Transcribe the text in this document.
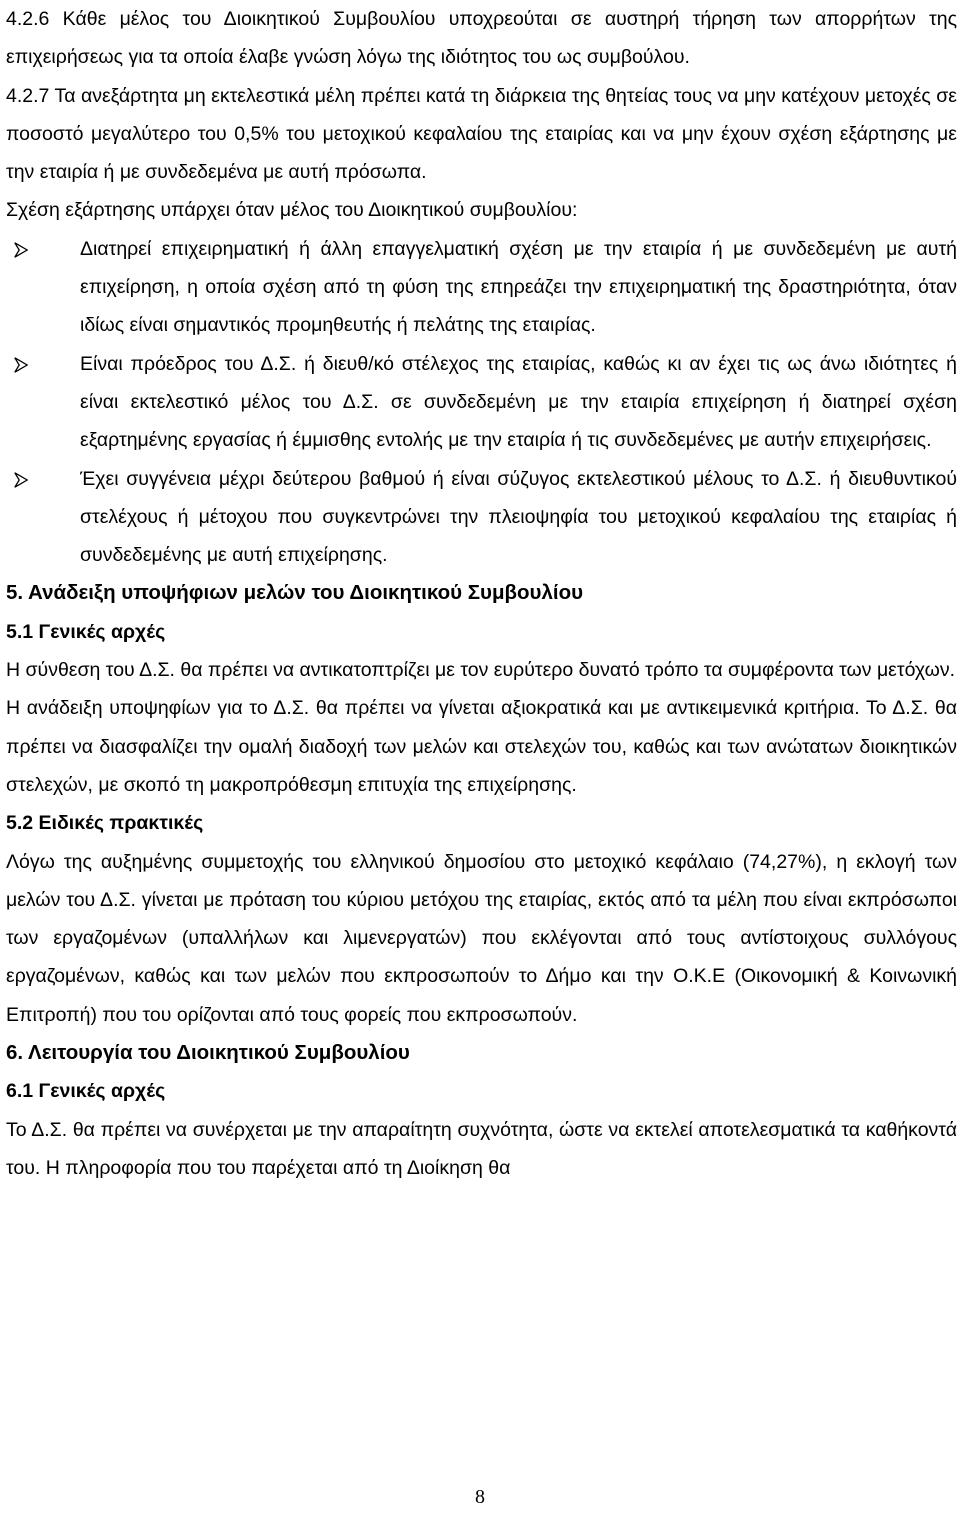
4.2.6 Κάθε μέλος του Διοικητικού Συμβουλίου υποχρεούται σε αυστηρή τήρηση των απορρήτων της επιχειρήσεως για τα οποία έλαβε γνώση λόγω της ιδιότητος του ως συμβούλου.

4.2.7 Τα ανεξάρτητα μη εκτελεστικά μέλη πρέπει κατά τη διάρκεια της θητείας τους να μην κατέχουν μετοχές σε ποσοστό μεγαλύτερο του 0,5% του μετοχικού κεφαλαίου της εταιρίας και να μην έχουν σχέση εξάρτησης με την εταιρία ή με συνδεδεμένα με αυτή πρόσωπα.

Σχέση εξάρτησης υπάρχει όταν μέλος του Διοικητικού συμβουλίου:

Διατηρεί επιχειρηματική ή άλλη επαγγελματική σχέση με την εταιρία ή με συνδεδεμένη με αυτή επιχείρηση, η οποία σχέση από τη φύση της επηρεάζει την επιχειρηματική της δραστηριότητα, όταν ιδίως είναι σημαντικός προμηθευτής ή πελάτης της εταιρίας.
Είναι πρόεδρος του Δ.Σ. ή διευθ/κό στέλεχος της εταιρίας, καθώς κι αν έχει τις ως άνω ιδιότητες ή είναι εκτελεστικό μέλος του Δ.Σ. σε συνδεδεμένη με την εταιρία επιχείρηση ή διατηρεί σχέση εξαρτημένης εργασίας ή έμμισθης εντολής με την εταιρία ή τις συνδεδεμένες με αυτήν επιχειρήσεις.
Έχει συγγένεια μέχρι δεύτερου βαθμού ή είναι σύζυγος εκτελεστικού μέλους το Δ.Σ. ή διευθυντικού στελέχους ή μέτοχου που συγκεντρώνει την πλειοψηφία του μετοχικού κεφαλαίου της εταιρίας ή συνδεδεμένης με αυτή επιχείρησης.

5. Ανάδειξη υποψήφιων μελών του Διοικητικού Συμβουλίου

5.1 Γενικές αρχές

Η σύνθεση του Δ.Σ. θα πρέπει να αντικατοπτρίζει με τον ευρύτερο δυνατό τρόπο τα συμφέροντα των μετόχων.

Η ανάδειξη υποψηφίων για το Δ.Σ. θα πρέπει να γίνεται αξιοκρατικά και με αντικειμενικά κριτήρια. Το Δ.Σ. θα πρέπει να διασφαλίζει την ομαλή διαδοχή των μελών και στελεχών του, καθώς και των ανώτατων διοικητικών στελεχών, με σκοπό τη μακροπρόθεσμη επιτυχία της επιχείρησης.

5.2 Ειδικές πρακτικές

Λόγω της αυξημένης συμμετοχής του ελληνικού δημοσίου στο μετοχικό κεφάλαιο (74,27%), η εκλογή των μελών του Δ.Σ. γίνεται με πρόταση του κύριου μετόχου της εταιρίας, εκτός από τα μέλη που είναι εκπρόσωποι των εργαζομένων (υπαλλήλων και λιμενεργατών) που εκλέγονται από τους αντίστοιχους συλλόγους εργαζομένων, καθώς και των μελών που εκπροσωπούν το Δήμο και την Ο.Κ.Ε (Οικονομική & Κοινωνική Επιτροπή) που του ορίζονται από τους φορείς που εκπροσωπούν.

6. Λειτουργία του Διοικητικού Συμβουλίου

6.1 Γενικές αρχές

Το Δ.Σ. θα πρέπει να συνέρχεται με την απαραίτητη συχνότητα, ώστε να εκτελεί αποτελεσματικά τα καθήκοντά του. Η πληροφορία που του παρέχεται από τη Διοίκηση θα

8
